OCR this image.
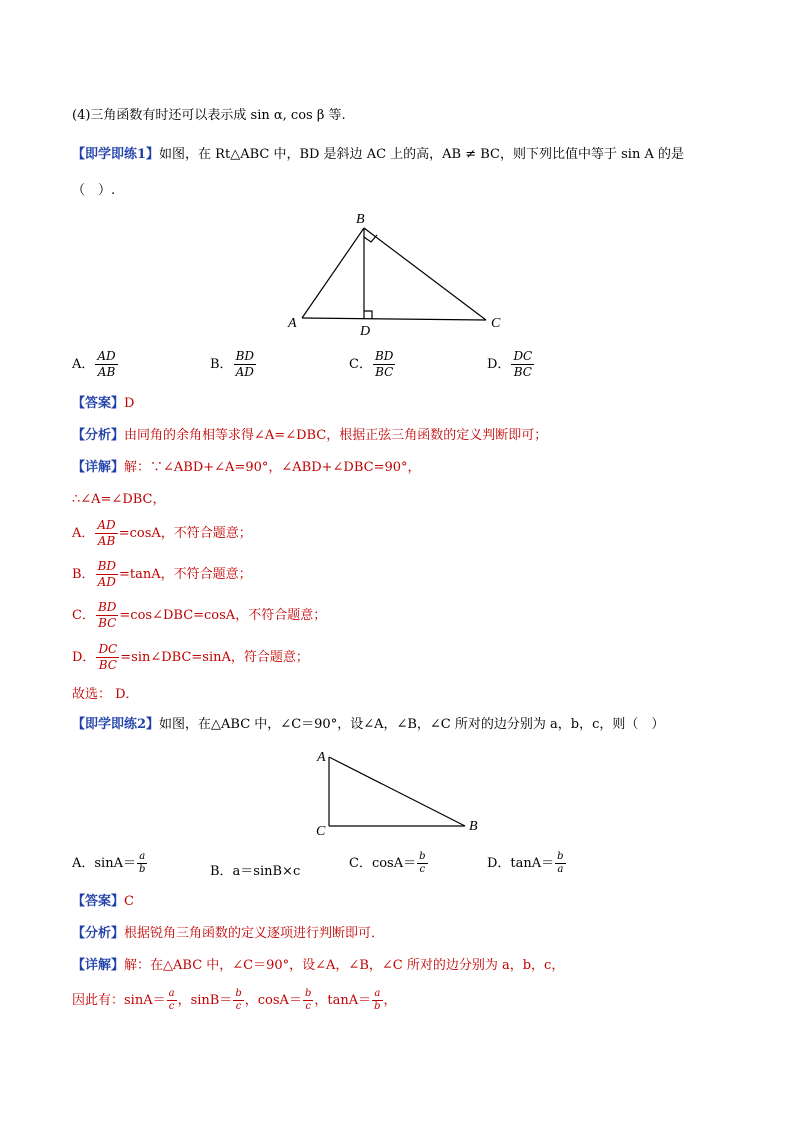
(4)三角函数有时还可以表示成 sin α, cos β 等.
【即学即练1】如图，在 Rt△ABC 中，BD 是斜边 AC 上的高，AB ≠ BC，则下列比值中等于 sin A 的是
（　）.
A
B
C
D
A． $\frac{AD}{AB}$	B． $\frac{BD}{AD}$	C． $\frac{BD}{BC}$	D． $\frac{DC}{BC}$
【答案】D
【分析】由同角的余角相等求得∠A=∠DBC，根据正弦三角函数的定义判断即可；
【详解】解：∵∠ABD+∠A=90°，∠ABD+∠DBC=90°，
∴∠A=∠DBC，
A． $\frac{AD}{AB} =\cos A$，不符合题意；
B． $\frac{BD}{AD} =\tan A$，不符合题意；
C． $\frac{BD}{BC}$ =cos∠DBC=cosA，不符合题意；
D． $\frac{DC}{BC}$ =sin∠DBC=sinA，符合题意；
故选： D．
【即学即练2】如图，在△ABC 中，∠C＝90°，设∠A，∠B，∠C 所对的边分别为 a，b，c，则（　）
A
C	B
A．$\sin A= \frac{a}{b}$	B．a＝sinB×c
C．$\cos A= \frac{b}{c}$	D．$\tan A= \frac{b}{a}$
【答案】C
【分析】根据锐角三角函数的定义逐项进行判断即可．
【详解】解：在△ABC 中，∠C＝90°，设∠A，∠B，∠C 所对的边分别为 a，b，c，
因此有：$\sin A= \frac{a}{c}$ ，$\sin B= \frac{b}{c}$ ，$\cos A= \frac{b}{c}$ ，$\tan A= \frac{a}{b}$ ，
